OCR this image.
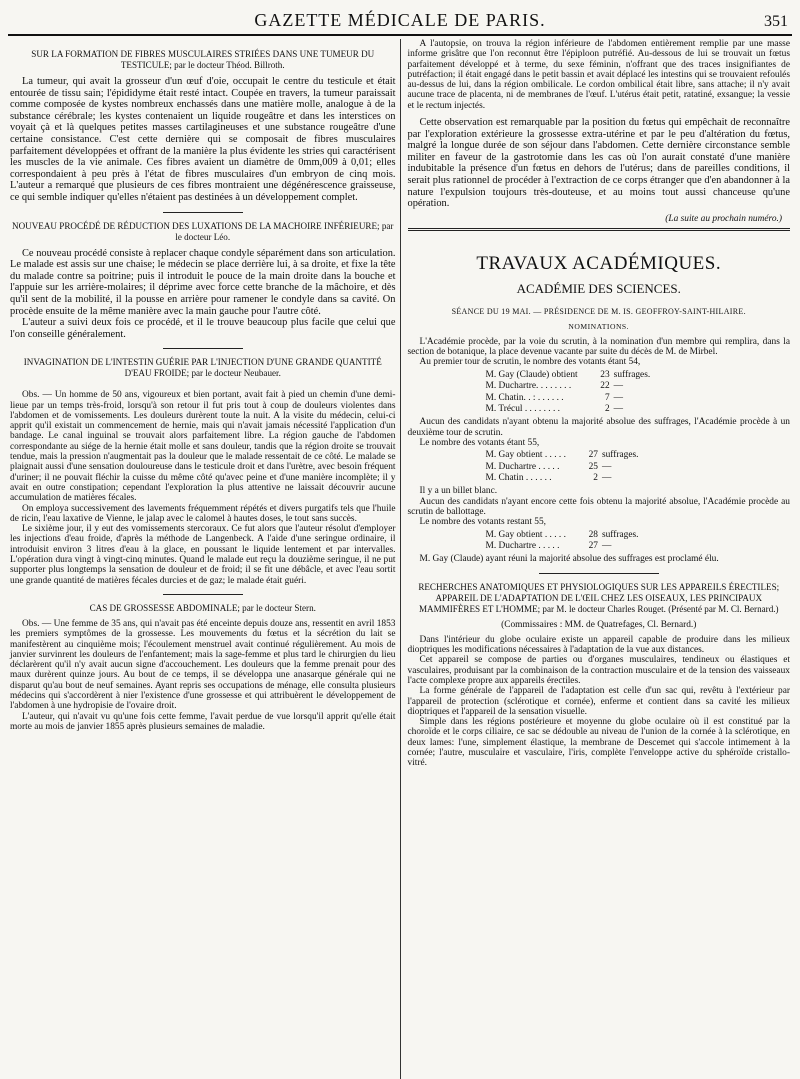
GAZETTE MÉDICALE DE PARIS.	351

SUR LA FORMATION DE FIBRES MUSCULAIRES STRIÉES DANS UNE TUMEUR DU TESTICULE; par le docteur Théod. Billroth.

La tumeur, qui avait la grosseur d'un œuf d'oie, occupait le centre du testicule et était entourée de tissu sain; l'épididyme était resté intact. Coupée en travers, la tumeur paraissait comme composée de kystes nombreux enchassés dans une matière molle, analogue à de la substance cérébrale; les kystes contenaient un liquide rougeâtre et dans les interstices on voyait çà et là quelques petites masses cartilagineuses et une substance rougeâtre d'une certaine consistance. C'est cette dernière qui se composait de fibres musculaires parfaitement développées et offrant de la manière la plus évidente les stries qui caractérisent les muscles de la vie animale. Ces fibres avaient un diamètre de 0mm,009 à 0,01; elles correspondaient à peu près à l'état de fibres musculaires d'un embryon de cinq mois. L'auteur a remarqué que plusieurs de ces fibres montraient une dégénérescence graisseuse, ce qui semble indiquer qu'elles n'étaient pas destinées à un développement complet.

NOUVEAU PROCÉDÉ DE RÉDUCTION DES LUXATIONS DE LA MACHOIRE INFÉRIEURE; par le docteur Léo.

Ce nouveau procédé consiste à replacer chaque condyle séparément dans son articulation. Le malade est assis sur une chaise; le médecin se place derrière lui, à sa droite, et fixe la tête du malade contre sa poitrine; puis il introduit le pouce de la main droite dans la bouche et l'appuie sur les arrière-molaires; il déprime avec force cette branche de la mâchoire, et dès qu'il sent de la mobilité, il la pousse en arrière pour ramener le condyle dans sa cavité. On procède ensuite de la même manière avec la main gauche pour l'autre côté.

L'auteur a suivi deux fois ce procédé, et il le trouve beaucoup plus facile que celui que l'on conseille généralement.

INVAGINATION DE L'INTESTIN GUÉRIE PAR L'INJECTION D'UNE GRANDE QUANTITÉ D'EAU FROIDE; par le docteur Neubauer.

Obs. — Un homme de 50 ans, vigoureux et bien portant, avait fait à pied un chemin d'une demi-lieue par un temps très-froid, lorsqu'à son retour il fut pris tout à coup de douleurs violentes dans l'abdomen et de vomissements. Les douleurs durèrent toute la nuit. A la visite du médecin, celui-ci apprit qu'il existait un commencement de hernie, mais qui n'avait jamais nécessité l'application d'un bandage. Le canal inguinal se trouvait alors parfaitement libre. La région gauche de l'abdomen correspondante au siége de la hernie était molle et sans douleur, tandis que la région droite se trouvait tendue, mais la pression n'augmentait pas la douleur que le malade ressentait de ce côté. Le malade se plaignait aussi d'une sensation douloureuse dans le testicule droit et dans l'urètre, avec besoin fréquent d'uriner; il ne pouvait fléchir la cuisse du même côté qu'avec peine et d'une manière incomplète; il y avait en outre constipation; cependant l'exploration la plus attentive ne laissait découvrir aucune accumulation de matières fécales.

On employa successivement des lavements fréquemment répétés et divers purgatifs tels que l'huile de ricin, l'eau laxative de Vienne, le jalap avec le calomel à hautes doses, le tout sans succès.

Le sixième jour, il y eut des vomissements stercoraux. Ce fut alors que l'auteur résolut d'employer les injections d'eau froide, d'après la méthode de Langenbeck. A l'aide d'une seringue ordinaire, il introduisit environ 3 litres d'eau à la glace, en poussant le liquide lentement et par intervalles. L'opération dura vingt à vingt-cinq minutes. Quand le malade eut reçu la douzième seringue, il ne put supporter plus longtemps la sensation de douleur et de froid; il se fit une débâcle, et avec l'eau sortit une grande quantité de matières fécales durcies et de gaz; le malade était guéri.

CAS DE GROSSESSE ABDOMINALE; par le docteur Stern.

Obs. — Une femme de 35 ans, qui n'avait pas été enceinte depuis douze ans, ressentit en avril 1853 les premiers symptômes de la grossesse. Les mouvements du fœtus et la sécrétion du lait se manifestèrent au cinquième mois; l'écoulement menstruel avait continué régulièrement. Au mois de janvier survinrent les douleurs de l'enfantement; mais la sage-femme et plus tard le chirurgien du lieu déclarèrent qu'il n'y avait aucun signe d'accouchement. Les douleurs que la femme prenait pour des maux durèrent quinze jours. Au bout de ce temps, il se développa une anasarque générale qui ne disparut qu'au bout de neuf semaines. Ayant repris ses occupations de ménage, elle consulta plusieurs médecins qui s'accordèrent à nier l'existence d'une grossesse et qui attribuèrent le développement de l'abdomen à une hydropisie de l'ovaire droit.

L'auteur, qui n'avait vu qu'une fois cette femme, l'avait perdue de vue lorsqu'il apprit qu'elle était morte au mois de janvier 1855 après plusieurs semaines de maladie.

A l'autopsie, on trouva la région inférieure de l'abdomen entièrement remplie par une masse informe grisâtre que l'on reconnut être l'épiploon putréfié. Au-dessous de lui se trouvait un fœtus parfaitement développé et à terme, du sexe féminin, n'offrant que des traces insignifiantes de putréfaction; il était engagé dans le petit bassin et avait déplacé les intestins qui se trouvaient refoulés au-dessus de lui, dans la région ombilicale. Le cordon ombilical était libre, sans attache; il n'y avait aucune trace de placenta, ni de membranes de l'œuf. L'utérus était petit, ratatiné, exsangue; la vessie et le rectum injectés.

Cette observation est remarquable par la position du fœtus qui empêchait de reconnaître par l'exploration extérieure la grossesse extra-utérine et par le peu d'altération du fœtus, malgré la longue durée de son séjour dans l'abdomen. Cette dernière circonstance semble militer en faveur de la gastrotomie dans les cas où l'on aurait constaté d'une manière indubitable la présence d'un fœtus en dehors de l'utérus; dans de pareilles conditions, il serait plus rationnel de procéder à l'extraction de ce corps étranger que d'en abandonner à la nature l'expulsion toujours très-douteuse, et au moins tout aussi chanceuse qu'une opération.

(La suite au prochain numéro.)

TRAVAUX ACADÉMIQUES.
ACADÉMIE DES SCIENCES.
SÉANCE DU 19 MAI. — PRÉSIDENCE DE M. IS. GEOFFROY-SAINT-HILAIRE.
NOMINATIONS.

L'Académie procède, par la voie du scrutin, à la nomination d'un membre qui remplira, dans la section de botanique, la place devenue vacante par suite du décès de M. de Mirbel.

Au premier tour de scrutin, le nombre des votants étant 54,

M. Gay (Claude) obtient	23	suffrages.
M. Duchartre. . . . . . . .	22	—
M. Chatin. . : . . . . . .	7	—
M. Trécul . . . . . . . .	2	—

Aucun des candidats n'ayant obtenu la majorité absolue des suffrages, l'Académie procède à un deuxième tour de scrutin.

Le nombre des votants étant 55,

M. Gay obtient . . . . .	27	suffrages.
M. Duchartre . . . . .	25	—
M. Chatin . . . . . .	2	—

Il y a un billet blanc.

Aucun des candidats n'ayant encore cette fois obtenu la majorité absolue, l'Académie procède au scrutin de ballottage.

Le nombre des votants restant 55,

M. Gay obtient . . . . .	28	suffrages.
M. Duchartre . . . . .	27	—

M. Gay (Claude) ayant réuni la majorité absolue des suffrages est proclamé élu.

RECHERCHES ANATOMIQUES ET PHYSIOLOGIQUES SUR LES APPAREILS ÉRECTILES; APPAREIL DE L'ADAPTATION DE L'ŒIL CHEZ LES OISEAUX, LES PRINCIPAUX MAMMIFÈRES ET L'HOMME; par M. le docteur Charles Rouget. (Présenté par M. Cl. Bernard.)

(Commissaires : MM. de Quatrefages, Cl. Bernard.)

Dans l'intérieur du globe oculaire existe un appareil capable de produire dans les milieux dioptriques les modifications nécessaires à l'adaptation de la vue aux distances.

Cet appareil se compose de parties ou d'organes musculaires, tendineux ou élastiques et vasculaires, produisant par la combinaison de la contraction musculaire et de la tension des vaisseaux l'acte complexe propre aux appareils érectiles.

La forme générale de l'appareil de l'adaptation est celle d'un sac qui, revêtu à l'extérieur par l'appareil de protection (sclérotique et cornée), enferme et contient dans sa cavité les milieux dioptriques et l'appareil de la sensation visuelle.

Simple dans les régions postérieure et moyenne du globe oculaire où il est constitué par la choroïde et le corps ciliaire, ce sac se dédouble au niveau de l'union de la cornée à la sclérotique, en deux lames: l'une, simplement élastique, la membrane de Descemet qui s'accole intimement à la cornée; l'autre, musculaire et vasculaire, l'iris, complète l'enveloppe active du sphéroïde cristallo-vitré.
